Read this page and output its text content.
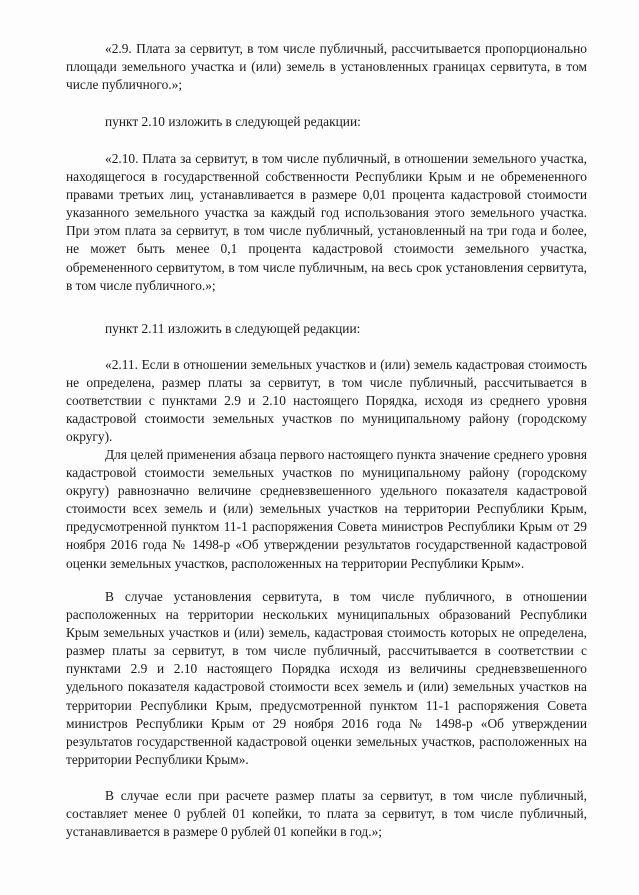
«2.9. Плата за сервитут, в том числе публичный, рассчитывается пропорционально площади земельного участка и (или) земель в установленных границах сервитута, в том числе публичного.»;

пункт 2.10 изложить в следующей редакции:

«2.10. Плата за сервитут, в том числе публичный, в отношении земельного участка, находящегося в государственной собственности Республики Крым и не обремененного правами третьих лиц, устанавливается в размере 0,01 процента кадастровой стоимости указанного земельного участка за каждый год использования этого земельного участка. При этом плата за сервитут, в том числе публичный, установленный на три года и более, не может быть менее 0,1 процента кадастровой стоимости земельного участка, обремененного сервитутом, в том числе публичным, на весь срок установления сервитута, в том числе публичного.»;

пункт 2.11 изложить в следующей редакции:

«2.11. Если в отношении земельных участков и (или) земель кадастровая стоимость не определена, размер платы за сервитут, в том числе публичный, рассчитывается в соответствии с пунктами 2.9 и 2.10 настоящего Порядка, исходя из среднего уровня кадастровой стоимости земельных участков по муниципальному району (городскому округу).

Для целей применения абзаца первого настоящего пункта значение среднего уровня кадастровой стоимости земельных участков по муниципальному району (городскому округу) равнозначно величине средневзвешенного удельного показателя кадастровой стоимости всех земель и (или) земельных участков на территории Республики Крым, предусмотренной пунктом 11-1 распоряжения Совета министров Республики Крым от 29 ноября 2016 года № 1498-р «Об утверждении результатов государственной кадастровой оценки земельных участков, расположенных на территории Республики Крым».

В случае установления сервитута, в том числе публичного, в отношении расположенных на территории нескольких муниципальных образований Республики Крым земельных участков и (или) земель, кадастровая стоимость которых не определена, размер платы за сервитут, в том числе публичный, рассчитывается в соответствии с пунктами 2.9 и 2.10 настоящего Порядка исходя из величины средневзвешенного удельного показателя кадастровой стоимости всех земель и (или) земельных участков на территории Республики Крым, предусмотренной пунктом 11-1 распоряжения Совета министров Республики Крым от 29 ноября 2016 года № 1498-р «Об утверждении результатов государственной кадастровой оценки земельных участков, расположенных на территории Республики Крым».

В случае если при расчете размер платы за сервитут, в том числе публичный, составляет менее 0 рублей 01 копейки, то плата за сервитут, в том числе публичный, устанавливается в размере 0 рублей 01 копейки в год.»;
